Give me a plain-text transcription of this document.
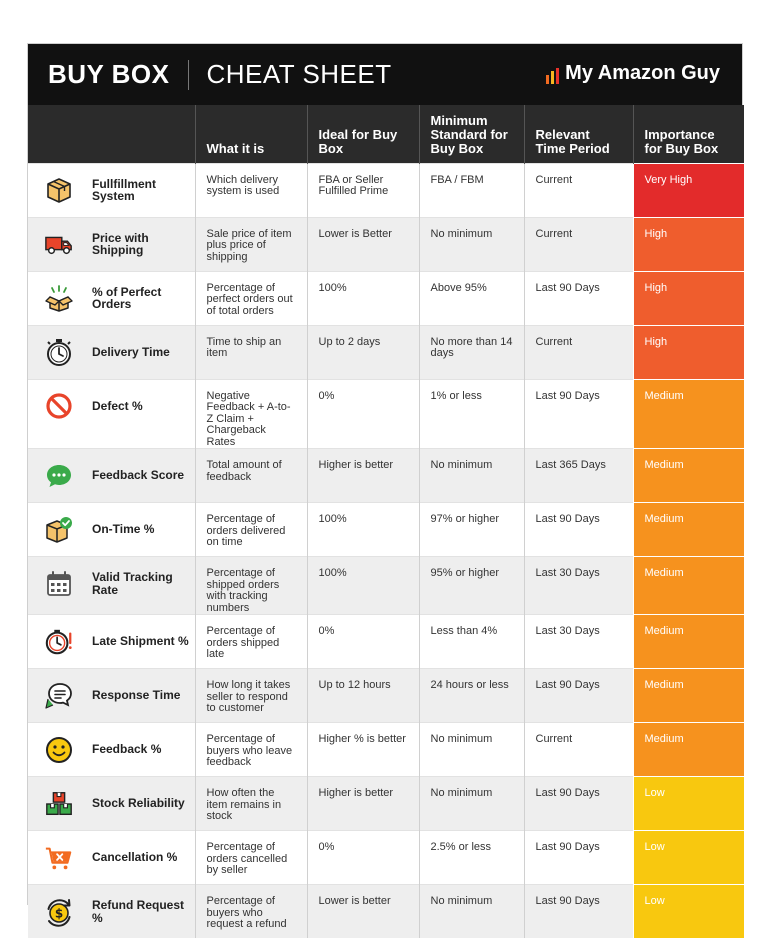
BUY BOX CHEAT SHEET	My Amazon Guy
	What it is	Ideal for Buy Box	Minimum Standard for Buy Box	Relevant Time Period	Importance for Buy Box

Fullfillment System	Which delivery system is used	FBA or Seller Fulfilled Prime	FBA / FBM	Current	Very High

Price with Shipping	Sale price of item plus price of shipping	Lower is Better	No minimum	Current	High

% of Perfect Orders	Percentage of perfect orders out of total orders	100%	Above 95%	Last 90 Days	High

Delivery Time	Time to ship an item	Up to 2 days	No more than 14 days	Current	High

Defect %	Negative Feedback + A-to-Z Claim + Chargeback Rates	0%	1% or less	Last 90 Days	Medium

Feedback Score	Total amount of feedback	Higher is better	No minimum	Last 365 Days	Medium

On-Time %	Percentage of orders delivered on time	100%	97% or higher	Last 90 Days	Medium

Valid Tracking Rate	Percentage of shipped orders with tracking numbers	100%	95% or higher	Last 30 Days	Medium

Late Shipment %	Percentage of orders shipped late	0%	Less than 4%	Last 30 Days	Medium

Response Time	How long it takes seller to respond to customer	Up to 12 hours	24 hours or less	Last 90 Days	Medium

Feedback %	Percentage of buyers who leave feedback	Higher % is better	No minimum	Current	Medium

Stock Reliability	How often the item remains in stock	Higher is better	No minimum	Last 90 Days	Low

Cancellation %	Percentage of orders cancelled by seller	0%	2.5% or less	Last 90 Days	Low

$
Refund Request %	Percentage of buyers who request a refund	Lower is better	No minimum	Last 90 Days	Low
